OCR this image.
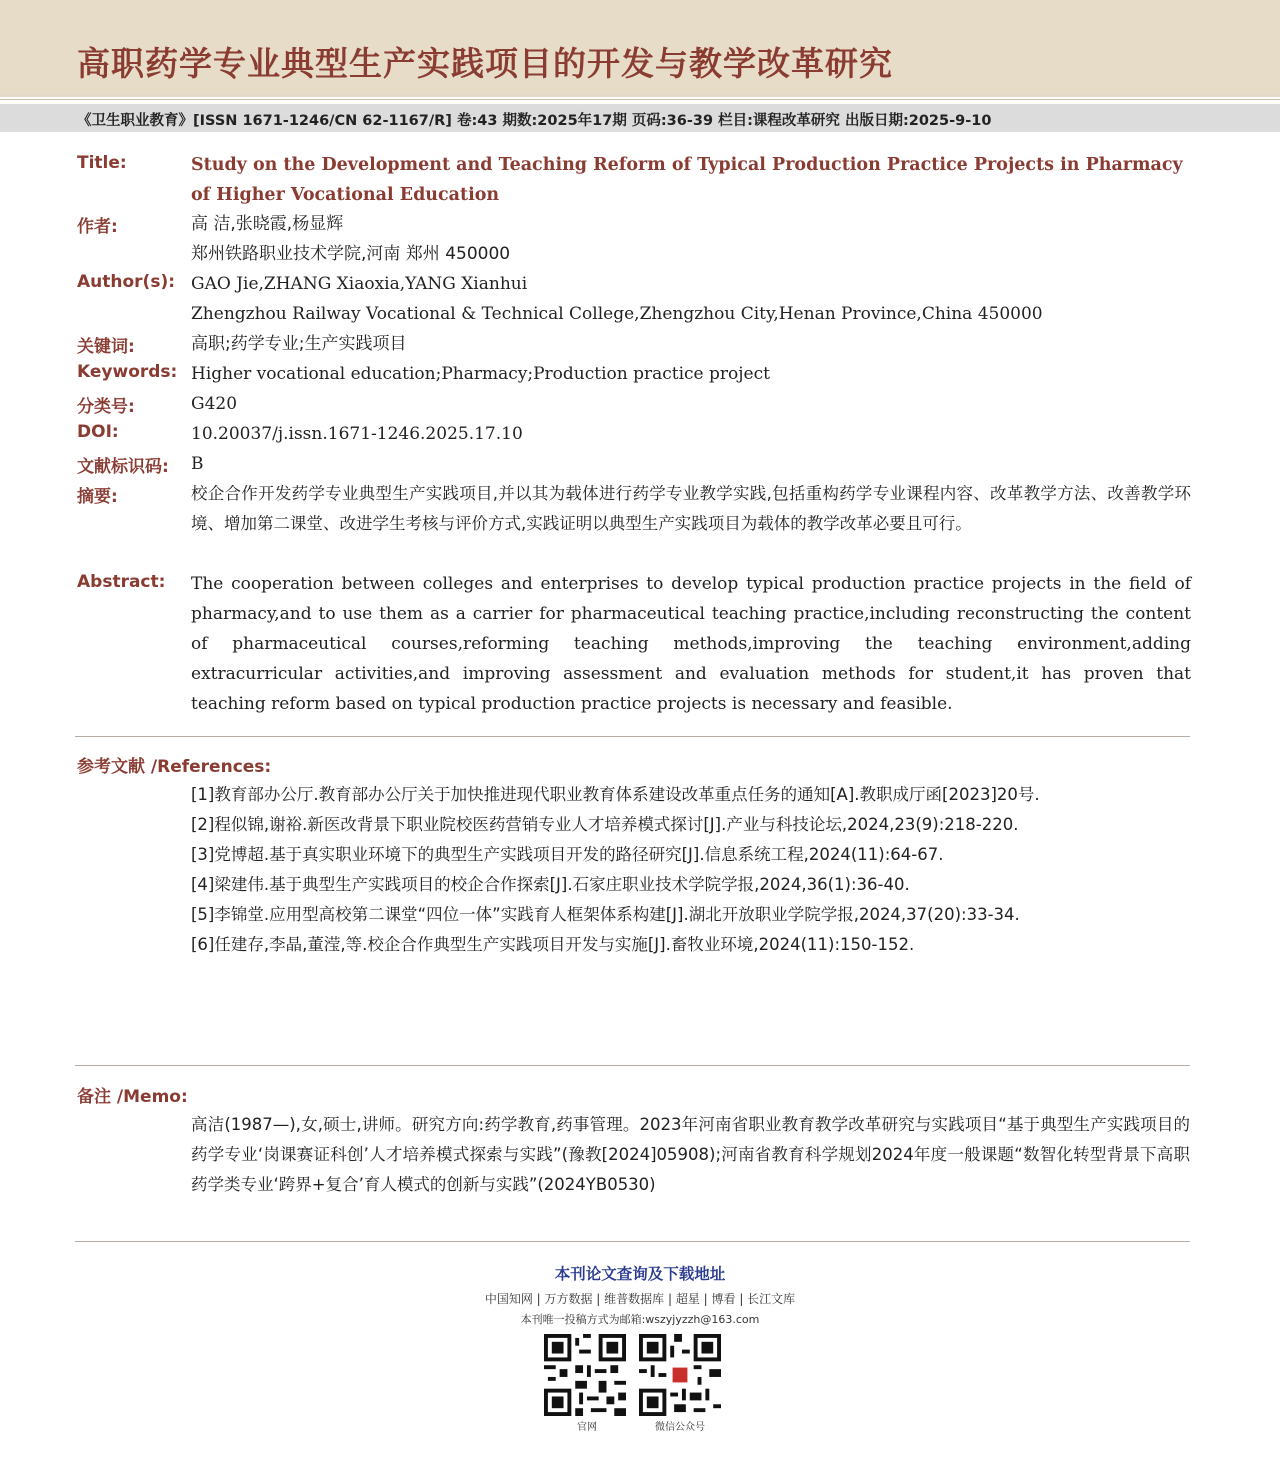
高职药学专业典型生产实践项目的开发与教学改革研究
《卫生职业教育》[ISSN 1671-1246/CN 62-1167/R] 卷:43 期数:2025年17期 页码:36-39 栏目:课程改革研究 出版日期:2025-9-10
Title:	Study on the Development and Teaching Reform of Typical Production Practice Projects in Pharmacy of Higher Vocational Education
作者:	高 洁,张晓霞,杨显辉
郑州铁路职业技术学院,河南 郑州 450000
Author(s): GAO Jie,ZHANG Xiaoxia,YANG Xianhui
Zhengzhou Railway Vocational & Technical College,Zhengzhou City,Henan Province,China 450000
关键词:	高职;药学专业;生产实践项目
Keywords: Higher vocational education;Pharmacy;Production practice project
分类号:	G420
DOI:	10.20037/j.issn.1671-1246.2025.17.10
文献标识码: B
摘要:	校企合作开发药学专业典型生产实践项目,并以其为载体进行药学专业教学实践,包括重构药学专业课程内容、改革教学方法、改善教学环境、增加第二课堂、改进学生考核与评价方式,实践证明以典型生产实践项目为载体的教学改革必要且可行。
Abstract: The cooperation between colleges and enterprises to develop typical production practice projects in the field of pharmacy,and to use them as a carrier for pharmaceutical teaching practice,including reconstructing the content of pharmaceutical courses,reforming teaching methods,improving the teaching environment,adding extracurricular activities,and improving assessment and evaluation methods for student,it has proven that teaching reform based on typical production practice projects is necessary and feasible.
参考文献 /References:
[1]教育部办公厅.教育部办公厅关于加快推进现代职业教育体系建设改革重点任务的通知[A].教职成厅函[2023]20号.
[2]程似锦,谢裕.新医改背景下职业院校医药营销专业人才培养模式探讨[J].产业与科技论坛,2024,23(9):218-220.
[3]党博超.基于真实职业环境下的典型生产实践项目开发的路径研究[J].信息系统工程,2024(11):64-67.
[4]梁建伟.基于典型生产实践项目的校企合作探索[J].石家庄职业技术学院学报,2024,36(1):36-40.
[5]李锦堂.应用型高校第二课堂“四位一体”实践育人框架体系构建[J].湖北开放职业学院学报,2024,37(20):33-34.
[6]任建存,李晶,董滢,等.校企合作典型生产实践项目开发与实施[J].畜牧业环境,2024(11):150-152.
备注 /Memo:
高洁(1987—),女,硕士,讲师。研究方向:药学教育,药事管理。2023年河南省职业教育教学改革研究与实践项目“基于典型生产实践项目的药学专业‘岗课赛证科创’人才培养模式探索与实践”(豫教[2024]05908);河南省教育科学规划2024年度一般课题“数智化转型背景下高职药学类专业‘跨界+复合’育人模式的创新与实践”(2024YB0530)
本刊论文查询及下载地址
中国知网 | 万方数据 | 维普数据库 | 超星 | 博看 | 长江文库
本刊唯一投稿方式为邮箱:wszyjyzzh@163.com
官网	微信公众号
